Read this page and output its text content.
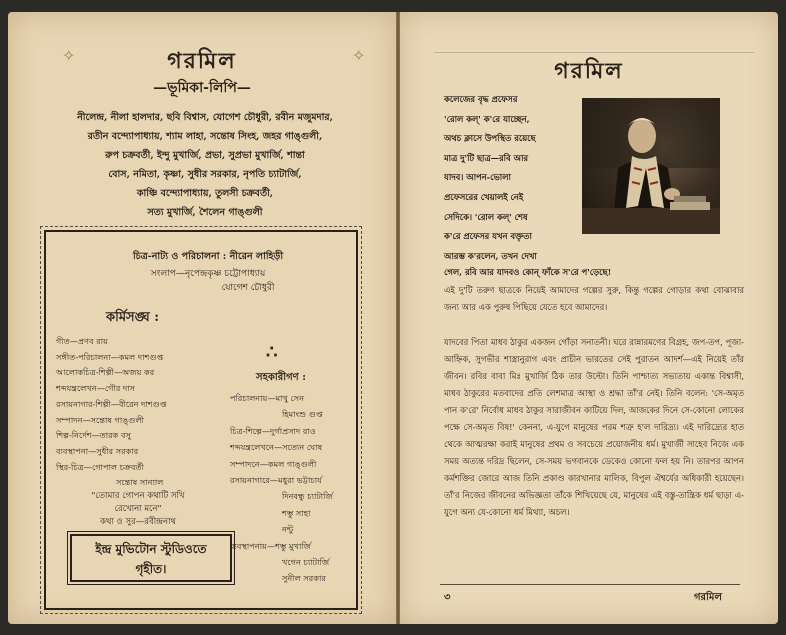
✧	✧
গরমিল
—ভূমিকা-লিপি—
নীলেন্দ্র, নীলা হালদার, ছবি বিশ্বাস, যোগেশ চৌধুরী, রবীন মজুমদার,
রতীন বন্দ্যোপাধ্যায়, শ্যাম লাহা, সন্তোষ সিংহ, জহর গাঙ্গুলী,
রুপ চক্রবর্তী, ইন্দু মুখার্জি, প্রভা, সুপ্রভা মুখার্জি, শান্তা
বোস, নমিতা, কৃষ্ণা, সুধীর সরকার, নৃপতি চ্যাটার্জি,
কাঞ্চি বন্দ্যোপাধ্যায়, তুলসী চক্রবর্তী,
সত্য মুখার্জি, শৈলেন গাঙ্গুলী
চিত্র-নাট্য ও পরিচালনা : নীরেন লাহিড়ী
সংলাপ—নৃপেন্দ্রকৃষ্ণ চট্টোপাধ্যায়
যোগেশ চৌধুরী
কর্মিসঙ্ঘ :
গীত—প্রণব রায়
সঙ্গীত-পরিচালনা—কমল দাশগুপ্ত
আলোকচিত্র-শিল্পী—অজয় কর
শব্দযন্ত্রলেখন—গৌর দাস
রসায়নাগার-শিল্পী—বীরেন দাশগুপ্ত
সম্পাদন—সন্তোষ গাঙ্গুলী
শিল্প-নির্দেশ—তারক বসু
ব্যবস্থাপনা—সুধীর সরকার
স্থির-চিত্র—গোপাল চক্রবর্তী
সন্তোষ সান্যাল
∴
সহকারীগণ :
পরিচালনায়—মাখু সেন
হিমাংশু গুপ্ত
চিত্র-শিল্পে—দুর্গাপ্রসাদ রাও
শব্দযন্ত্রলেখনে—সত্যেন ঘোষ
সম্পাদনে—কমল গাঙ্গুলী
রসায়নাগারে—মধুরা ভট্টাচার্য
দিনবন্ধু চ্যাটার্জি
শম্ভু সাহা
নন্টু
ব্যবস্থাপনায়—শম্ভু মুখার্জি
খগেন চ্যাটার্জি
সুনীল সরকার
"তোমার গোপন কথাটি সখি
রেখোনা মনে"
কথা ও সুর—রবীন্দ্রনাথ
ইন্দ্র মুভিটোন স্টুডিওতে
গৃহীত।
গরমিল
কলেজের বৃদ্ধ প্রফেসর
'রোল কল্' ক'রে যাচ্ছেন,
অথচ ক্লাসে উপস্থিত রয়েছে
মাত্র দু'টি ছাত্র—রবি আর
যাদব। আপন-ভোলা
প্রফেসরের খেয়ালই নেই
সেদিকে। 'রোল কল্' শেষ
ক'রে প্রফেসর যখন বক্তৃতা
আরম্ভ ক'রলেন, তখন দেখা
গেল, রবি আর যাদবও কোন্ ফাঁকে স'রে প'ড়েছে!
এই দু'টি তরুণ ছাত্রকে নিয়েই আমাদের গল্পের সুরু, কিন্তু গল্পের গোড়ার কথা বোঝাবার জন্য আর এক পুরুষ পিছিয়ে যেতে হবে আমাদের।
যাদবের পিতা মাধব ঠাকুর একজন গোঁড়া সনাতনী। ঘরে রান্নারমণের বিগ্রহ, জপ-তপ, পূজা-আহ্নিক, সুগভীর শাস্ত্রানুরাগ এবং প্রাচীন ভারতের সেই পুরাতন আদর্শ—এই নিয়েই তাঁর জীবন। রবির বাবা মিঃ মুখার্জি ঠিক তার উল্টো। তিনি পাশ্চাত্য সভ্যতায় একান্ত বিশ্বাসী, মাধব ঠাকুরের মতবাদের প্রতি লেশমাত্র আস্থা ও শ্রদ্ধা তাঁ'র নেই। তিনি বলেন: 'সে-অমৃত পান ক'রে' নির্বোধ মাধব ঠাকুর সারাজীবন কাটিয়ে দিল, আজকের দিনে সে-কোনো লোকের পক্ষে সে-অমৃত বিষ!' কেননা, এ-যুগে মানুষের পরম শত্রু হ'ল দারিদ্র্য। এই দারিদ্র্যের হাত থেকে আত্মরক্ষা করাই মানুষের প্রথম ও সবচেয়ে প্রয়োজনীয় ধর্ম। মুখার্জী সাহেব নিজে এক সময় অত্যন্ত দরিদ্র ছিলেন, সে-সময় ভগবানকে ডেকেও কোনো ফল হয় নি। তারপর আপন কর্মশক্তির জোরে আজ তিনি প্রকাণ্ড কারখানার মালিক, বিপুল ঐশ্বর্যের অধিকারী হয়েছেন। তাঁ'র নিজের জীবনের অভিজ্ঞতা তাঁকে শিখিয়েছে যে, মানুষের এই বস্তু-তান্ত্রিক ধর্ম ছাড়া এ-যুগে অন্য যে-কোনো ধর্ম মিথ্যা, অচল।
৩	গরমিল
